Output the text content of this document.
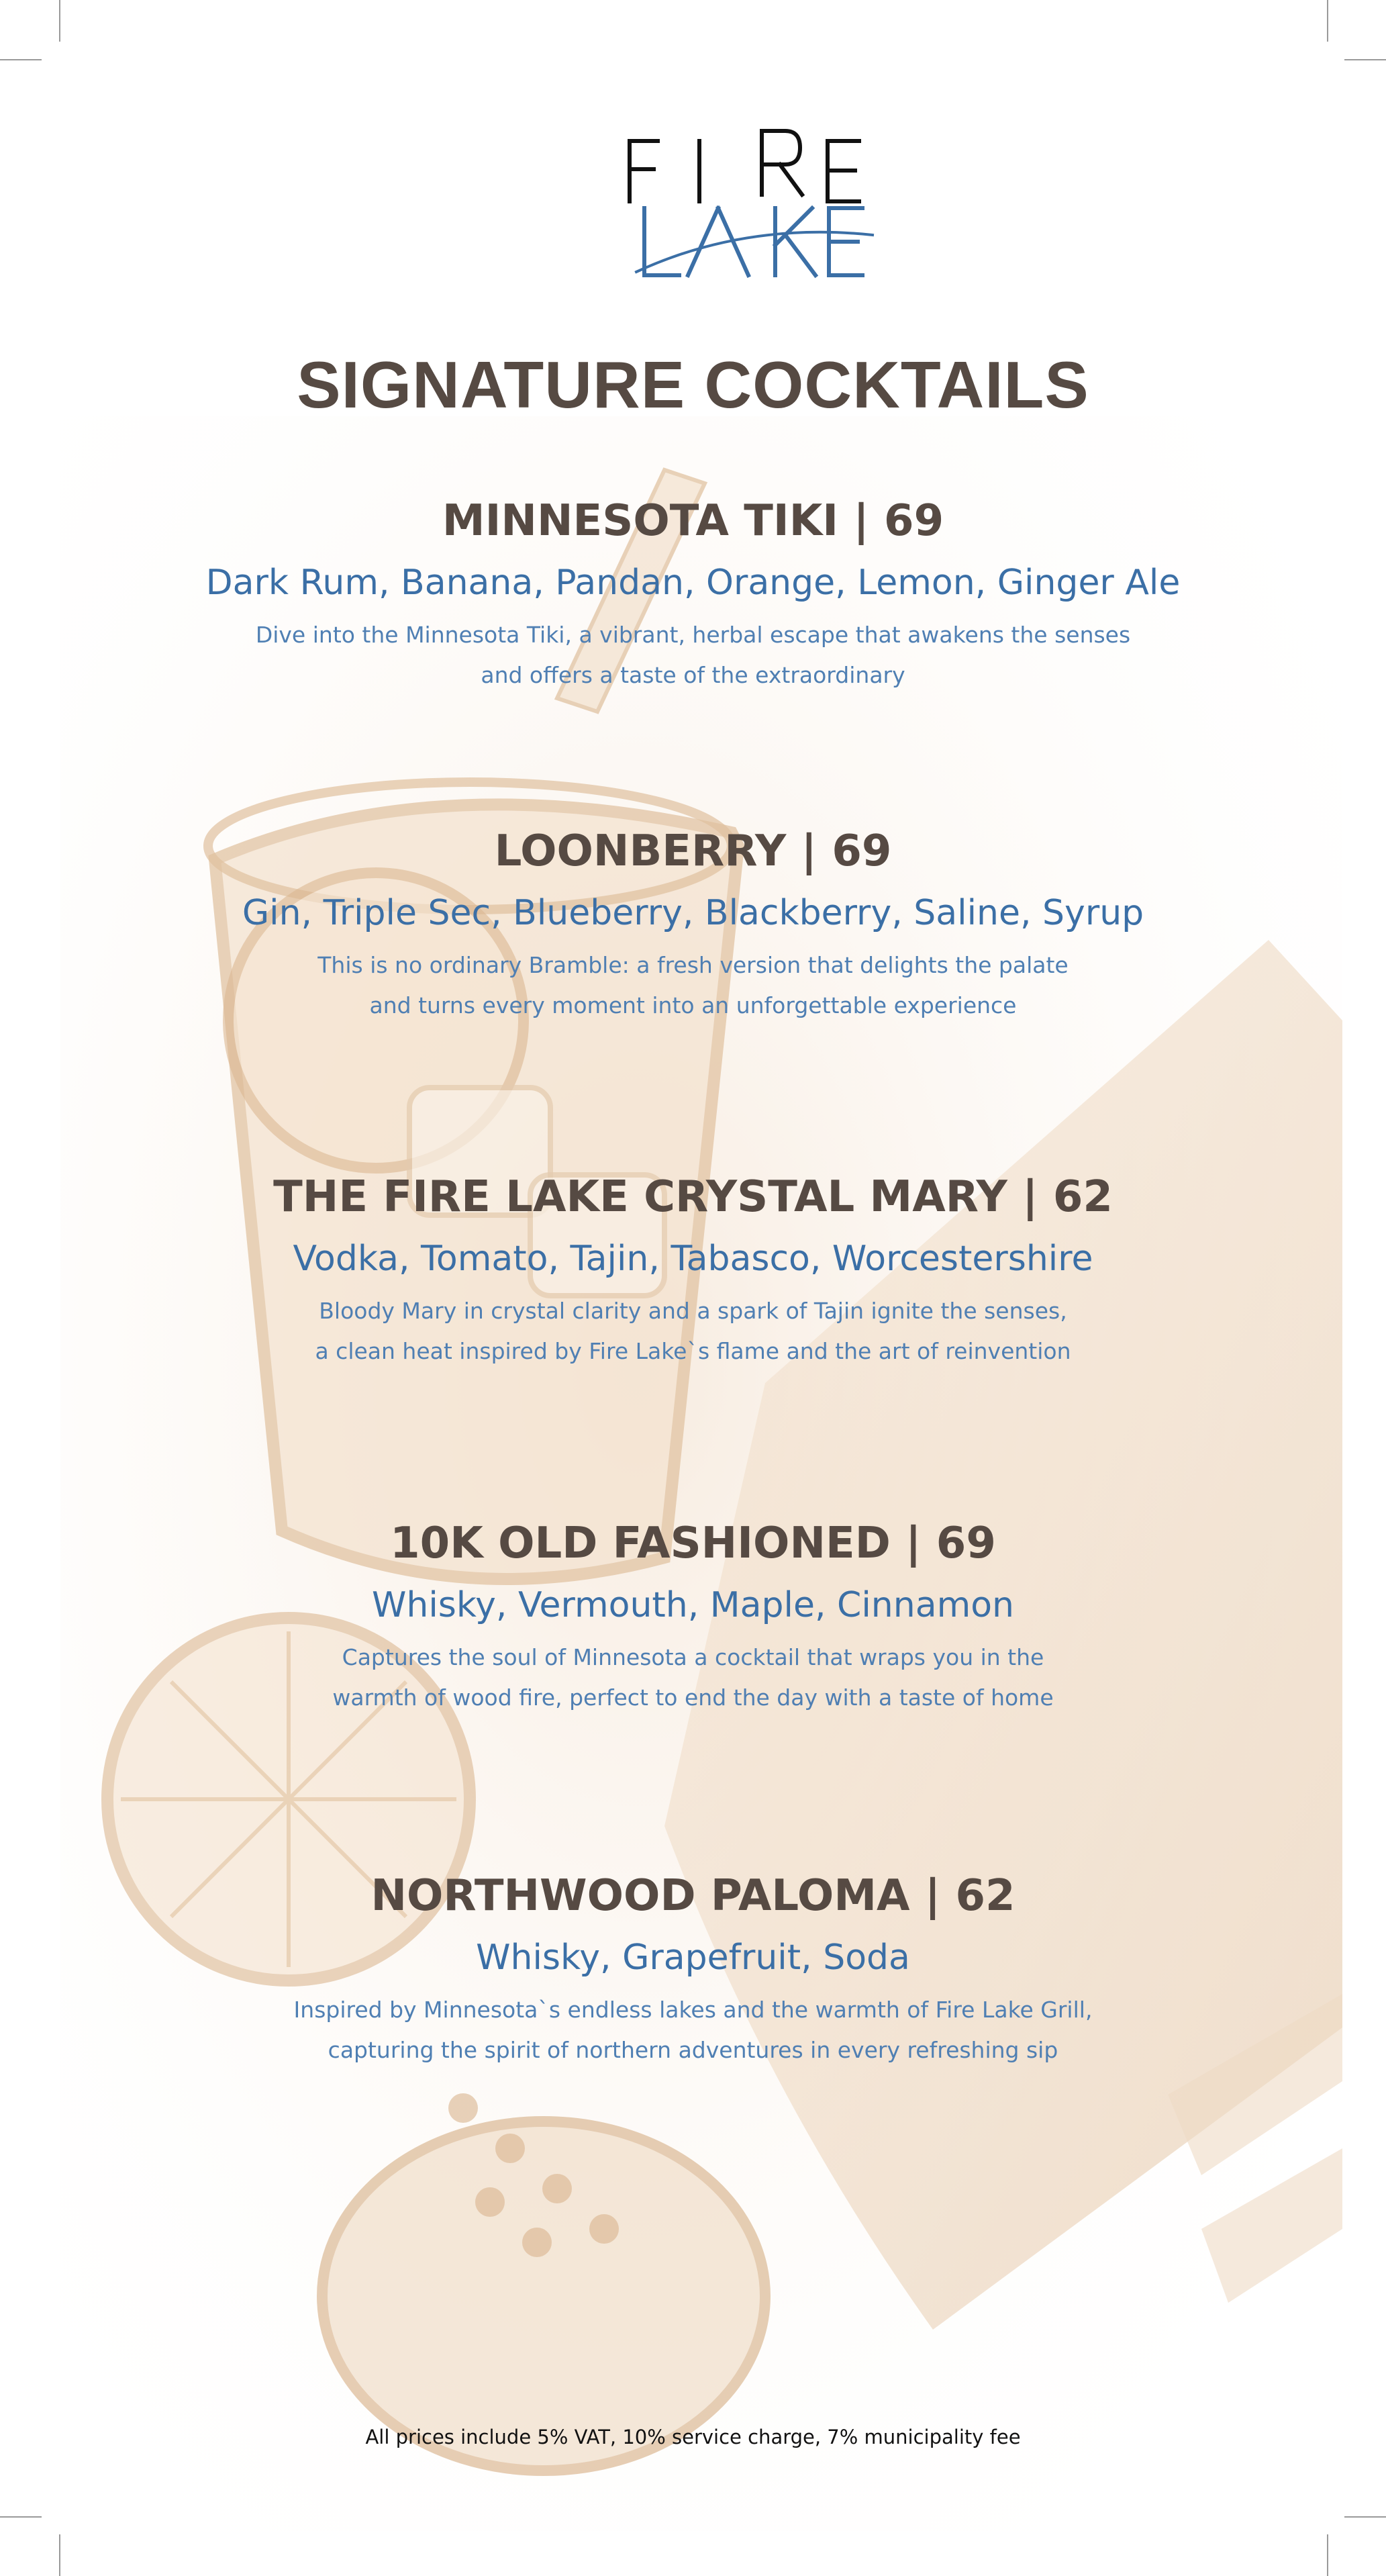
SIGNATURE COCKTAILS
MINNESOTA TIKI | 69

Dark Rum, Banana, Pandan, Orange, Lemon, Ginger Ale

Dive into the Minnesota Tiki, a vibrant, herbal escape that awakens the senses
and offers a taste of the extraordinary

LOONBERRY | 69

Gin, Triple Sec, Blueberry, Blackberry, Saline, Syrup

This is no ordinary Bramble: a fresh version that delights the palate
and turns every moment into an unforgettable experience

THE FIRE LAKE CRYSTAL MARY | 62

Vodka, Tomato, Tajin, Tabasco, Worcestershire

Bloody Mary in crystal clarity and a spark of Tajin ignite the senses,
a clean heat inspired by Fire Lake`s flame and the art of reinvention

10K OLD FASHIONED | 69

Whisky, Vermouth, Maple, Cinnamon

Captures the soul of Minnesota a cocktail that wraps you in the
warmth of wood fire, perfect to end the day with a taste of home

NORTHWOOD PALOMA | 62

Whisky, Grapefruit, Soda

Inspired by Minnesota`s endless lakes and the warmth of Fire Lake Grill,
capturing the spirit of northern adventures in every refreshing sip

All prices include 5% VAT, 10% service charge, 7% municipality fee
